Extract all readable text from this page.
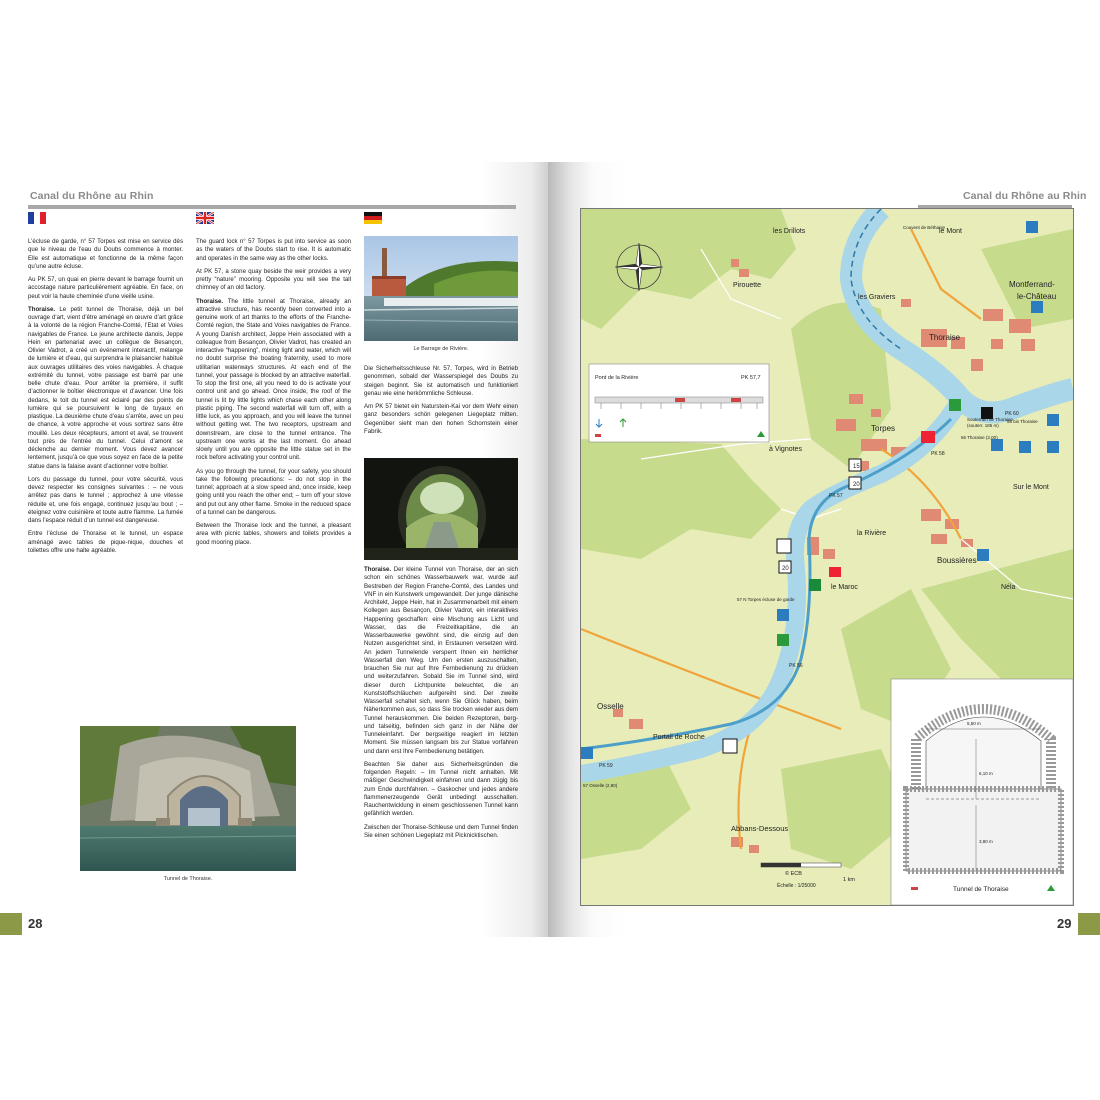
Canal du Rhône au Rhin	Canal du Rhône au Rhin

L’écluse de garde, n° 57 Torpes est mise en service dès que le niveau de l’eau du Doubs commence à monter. Elle est automatique et fonctionne de la même façon qu’une autre écluse.

Au PK 57, un quai en pierre devant le barrage fournit un accostage nature particulièrement agréable. En face, on peut voir la haute cheminée d’une vieille usine.

Thoraise. Le petit tunnel de Thoraise, déjà un bel ouvrage d’art, vient d’être aménagé en œuvre d’art grâce à la volonté de la région Franche-Comté, l’Etat et Voies navigables de France. Le jeune architecte danois, Jeppe Hein en partenariat avec un collègue de Besançon, Olivier Vadrot, a créé un événement interactif, mélange de lumière et d’eau, qui surprendra le plaisancier habitué aux ouvrages utilitaires des voies navigables. À chaque extrémité du tunnel, votre passage est barré par une belle chute d’eau. Pour arrêter la première, il suffit d’actionner le boîtier électronique et d’avancer. Une fois dedans, le toit du tunnel est éclairé par des points de lumière qui se poursuivent le long de tuyaux en plastique. La deuxième chute d’eau s’arrête, avec un peu de chance, à votre approche et vous sortirez sans être mouillé. Les deux récepteurs, amont et aval, se trouvent tout près de l’entrée du tunnel. Celui d’amont se déclenche au dernier moment. Vous devez avancer lentement, jusqu’à ce que vous soyez en face de la petite statue dans la falaise avant d’actionner votre boîtier.

Lors du passage du tunnel, pour votre sécurité, vous devez respecter les consignes suivantes : – ne vous arrêtez pas dans le tunnel ; approchez à une vitesse réduite et, une fois engagé, continuez jusqu’au bout ; – éteignez votre cuisinière et toute autre flamme. La fumée dans l’espace réduit d’un tunnel est dangereuse.

Entre l’écluse de Thoraise et le tunnel, un espace aménagé avec tables de pique-nique, douches et toilettes offre une halte agréable.

The guard lock n° 57 Torpes is put into service as soon as the waters of the Doubs start to rise. It is automatic and operates in the same way as the other locks.

At PK 57, a stone quay beside the weir provides a very pretty “nature” mooring. Opposite you will see the tall chimney of an old factory.

Thoraise. The little tunnel at Thoraise, already an attractive structure, has recently been converted into a genuine work of art thanks to the efforts of the Franche-Comté region, the State and Voies navigables de France. A young Danish architect, Jeppe Hein associated with a colleague from Besançon, Olivier Vadrot, has created an interactive “happening”, mixing light and water, which will no doubt surprise the boating fraternity, used to more utilitarian waterways structures. At each end of the tunnel, your passage is blocked by an attractive waterfall. To stop the first one, all you need to do is activate your control unit and go ahead. Once inside, the roof of the tunnel is lit by little lights which chase each other along plastic piping. The second waterfall will turn off, with a little luck, as you approach, and you will leave the tunnel without getting wet. The two receptors, upstream and downstream, are close to the tunnel entrance. The upstream one works at the last moment. Go ahead slowly until you are opposite the little statue set in the rock before activating your control unit.

As you go through the tunnel, for your safety, you should take the following precautions: – do not stop in the tunnel; approach at a slow speed and, once inside, keep going until you reach the other end; – turn off your stove and put out any other flame. Smoke in the reduced space of a tunnel can be dangerous.

Between the Thoraise lock and the tunnel, a pleasant area with picnic tables, showers and toilets provides a good mooring place.

Thoraise. Der kleine Tunnel von Thoraise, der an sich schon ein schönes Wasserbauwerk war, wurde auf Bestreben der Region Franche-Comté, des Landes und VNF in ein Kunstwerk umgewandelt. Der junge dänische Architekt, Jeppe Hein, hat in Zusammenarbeit mit einem Kollegen aus Besançon, Olivier Vadrot, ein interaktives Happening geschaffen: eine Mischung aus Licht und Wasser, das die Freizeitkapitäne, die an Wasserbauwerke gewöhnt sind, die einzig auf den Nutzen ausgerichtet sind, in Erstaunen versetzen wird. An jedem Tunnelende versperrt Ihnen ein herrlicher Wasserfall den Weg. Um den ersten auszuschalten, brauchen Sie nur auf Ihre Fernbedienung zu drücken und weiterzufahren. Sobald Sie im Tunnel sind, wird dieser durch Lichtpunkte beleuchtet, die an Kunststoffschläuchen aufgereiht sind. Der zweite Wasserfall schaltet sich, wenn Sie Glück haben, beim Näherkommen aus, so dass Sie trocken wieder aus dem Tunnel herauskommen. Die beiden Rezeptoren, berg- und talseitig, befinden sich ganz in der Nähe der Tunneleinfahrt. Der bergseitige reagiert im letzten Moment. Sie müssen langsam bis zur Statue vorfahren und dann erst Ihre Fernbedienung betätigen.

Beachten Sie daher aus Sicherheitsgründen die folgenden Regeln: – Im Tunnel nicht anhalten. Mit mäßiger Geschwindigkeit einfahren und dann zügig bis zum Ende durchfahren. – Gaskocher und jedes andere flammenerzeugende Gerät unbedingt ausschalten. Rauchentwicklung in einem geschlossenen Tunnel kann gefährlich werden.

Zwischen der Thoraise-Schleuse und dem Tunnel finden Sie einen schönen Liegeplatz mit Picknicktischen.

Die Sicherheitsschleuse Nr. 57, Torpes, wird in Betrieb genommen, sobald der Wasserspiegel des Doubs zu steigen beginnt. Sie ist automatisch und funktioniert genau wie eine herkömmliche Schleuse.

Am PK 57 bietet ein Naturstein-Kai vor dem Wehr einen ganz besonders schön gelegenen Liegeplatz mitten. Gegenüber sieht man den hohen Schornstein einer Fabrik.

Le Barrage de Rivière.
Tunnel de Thoraise.
les Drillots
Pirouette
les Graviers
Thoraise
Montferrand-
le-Château
le Mont
Couvent de Béthanie
Torpes
à Vignotes
Sur le Mont
la Rivière
Boussières
Néla
le Maroc
Osselle
Portail de Roche
Abbans-Dessous
Souterrain de Thoraise
(souterr. 185 m)
PK 60
PK 58
PK 57
PK 56
PK 59
56 Thoraise (2,00)
57 N Torpes écluse de garde
57 Osselle (2,80)
58 bis Thoraise
15
20
20
Pont de la Rivière	PK 57,7
Tunnel de Thoraise
5,50 m
6,10 m
3,80 m
© ECB
Échelle : 1/25000
1 km
28	29
